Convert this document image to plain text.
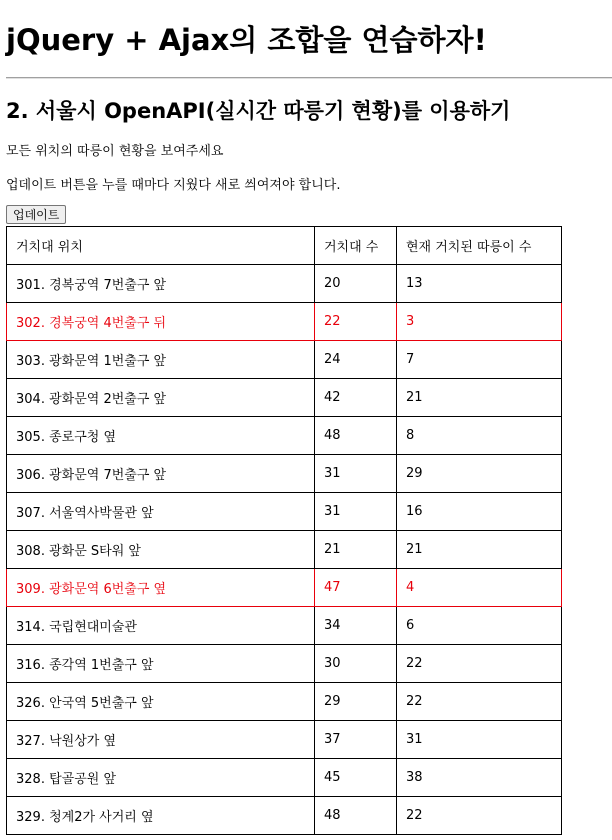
jQuery + Ajax의 조합을 연습하자!
2. 서울시 OpenAPI(실시간 따릉기 현황)를 이용하기

모든 위치의 따릉이 현황을 보여주세요

업데이트 버튼을 누를 때마다 지웠다 새로 씌여져야 합니다.

업데이트
거치대 위치	거치대 수	현재 거치된 따릉이 수
301. 경복궁역 7번출구 앞	20	13
302. 경복궁역 4번출구 뒤	22	3
303. 광화문역 1번출구 앞	24	7
304. 광화문역 2번출구 앞	42	21
305. 종로구청 옆	48	8
306. 광화문역 7번출구 앞	31	29
307. 서울역사박물관 앞	31	16
308. 광화문 S타워 앞	21	21
309. 광화문역 6번출구 옆	47	4
314. 국립현대미술관	34	6
316. 종각역 1번출구 앞	30	22
326. 안국역 5번출구 앞	29	22
327. 낙원상가 옆	37	31
328. 탑골공원 앞	45	38
329. 청계2가 사거리 옆	48	22
